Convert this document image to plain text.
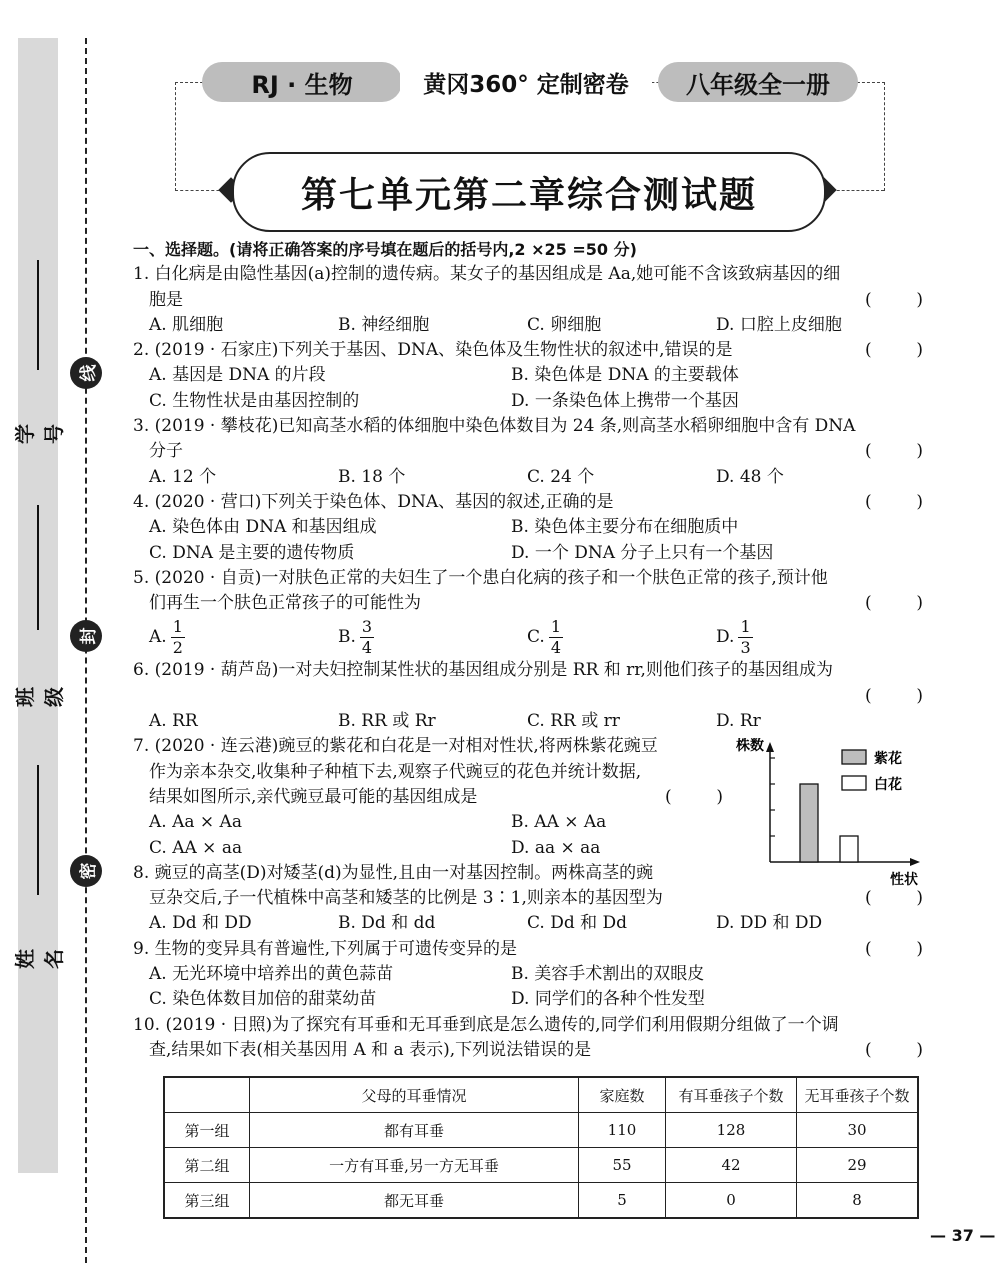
学号
班级
姓名
线
封
密
RJ · 生物	黄冈360° 定制密卷	八年级全一册
第七单元第二章综合测试题
一、选择题。(请将正确答案的序号填在题后的括号内,2 ×25 =50 分)
1. 白化病是由隐性基因(a)控制的遗传病。某女子的基因组成是 Aa,她可能不含该致病基因的细
胞是	(	)
A. 肌细胞	B. 神经细胞	C. 卵细胞	D. 口腔上皮细胞
2. (2019 · 石家庄)下列关于基因、DNA、染色体及生物性状的叙述中,错误的是	(	)
A. 基因是 DNA 的片段	B. 染色体是 DNA 的主要载体
C. 生物性状是由基因控制的	D. 一条染色体上携带一个基因
3. (2019 · 攀枝花)已知高茎水稻的体细胞中染色体数目为 24 条,则高茎水稻卵细胞中含有 DNA
分子	(	)
A. 12 个	B. 18 个	C. 24 个	D. 48 个
4. (2020 · 营口)下列关于染色体、DNA、基因的叙述,正确的是	(	)
A. 染色体由 DNA 和基因组成	B. 染色体主要分布在细胞质中
C. DNA 是主要的遗传物质	D. 一个 DNA 分子上只有一个基因
5. (2020 · 自贡)一对肤色正常的夫妇生了一个患白化病的孩子和一个肤色正常的孩子,预计他
们再生一个肤色正常孩子的可能性为	(	)
A. $\frac{1}{2}$	B. $\frac{3}{4}$	C. $\frac{1}{4}$	D. $\frac{1}{3}$
6. (2019 · 葫芦岛)一对夫妇控制某性状的基因组成分别是 RR 和 rr,则他们孩子的基因组成为

(	)
A. RR	B. RR 或 Rr	C. RR 或 rr	D. Rr
7. (2020 · 连云港)豌豆的紫花和白花是一对相对性状,将两株紫花豌豆
作为亲本杂交,收集种子种植下去,观察子代豌豆的花色并统计数据,
结果如图所示,亲代豌豆最可能的基因组成是	(	)
A. Aa × Aa	B. AA × Aa
C. AA × aa	D. aa × aa
8. 豌豆的高茎(D)对矮茎(d)为显性,且由一对基因控制。两株高茎的豌
豆杂交后,子一代植株中高茎和矮茎的比例是 3∶1,则亲本的基因型为	(	)
A. Dd 和 DD	B. Dd 和 dd	C. Dd 和 Dd	D. DD 和 DD
9. 生物的变异具有普遍性,下列属于可遗传变异的是	(	)
A. 无光环境中培养出的黄色蒜苗	B. 美容手术割出的双眼皮
C. 染色体数目加倍的甜菜幼苗	D. 同学们的各种个性发型
10. (2019 · 日照)为了探究有耳垂和无耳垂到底是怎么遗传的,同学们利用假期分组做了一个调
查,结果如下表(相关基因用 A 和 a 表示),下列说法错误的是	(	)
株数
性状
紫花
白花
	父母的耳垂情况	家庭数	有耳垂孩子个数	无耳垂孩子个数
第一组	都有耳垂	110	128	30
第二组	一方有耳垂,另一方无耳垂	55	42	29
第三组	都无耳垂	5	0	8
— 37 —
